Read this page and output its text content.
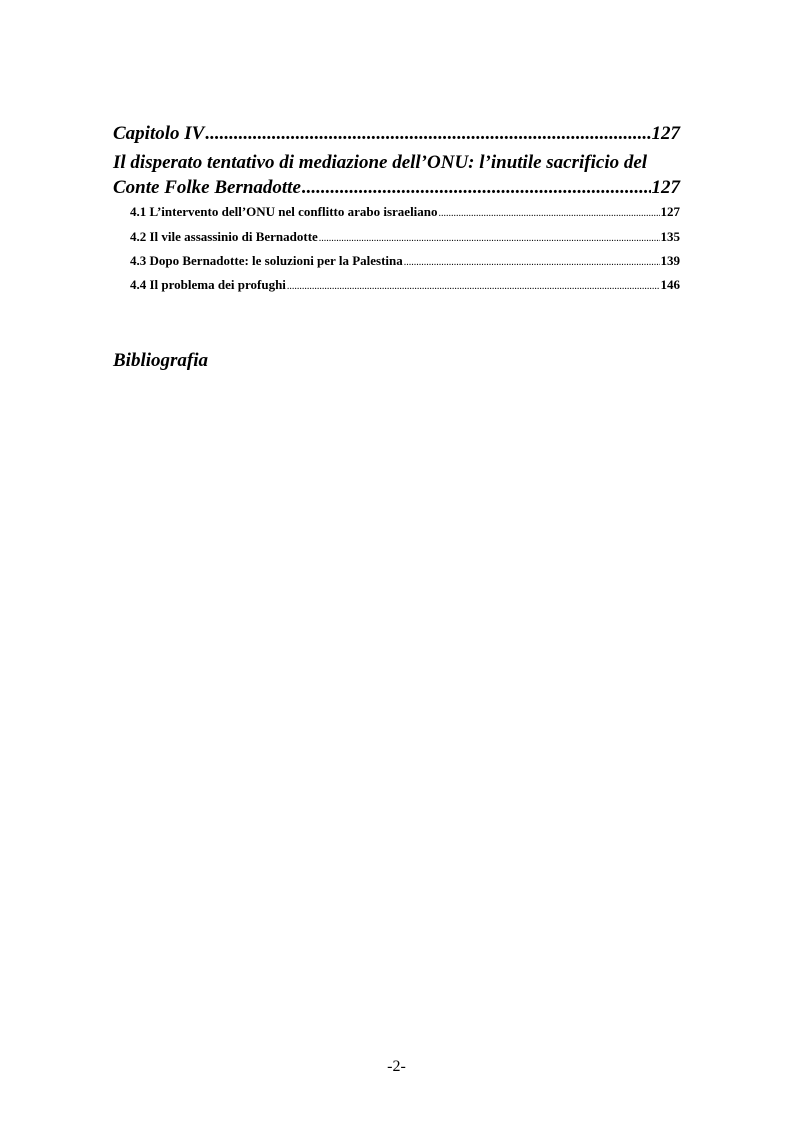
Capitolo IV .....	127
Il disperato tentativo di mediazione dell’ONU: l’inutile sacrificio del
Conte Folke Bernadotte .....	127
4.1 L’intervento dell’ONU nel conflitto arabo israeliano .....	127
4.2 Il vile assassinio di Bernadotte .....	135
4.3 Dopo Bernadotte: le soluzioni per la Palestina .....	139
4.4 Il problema dei profughi .....	146
Bibliografia
-2-
